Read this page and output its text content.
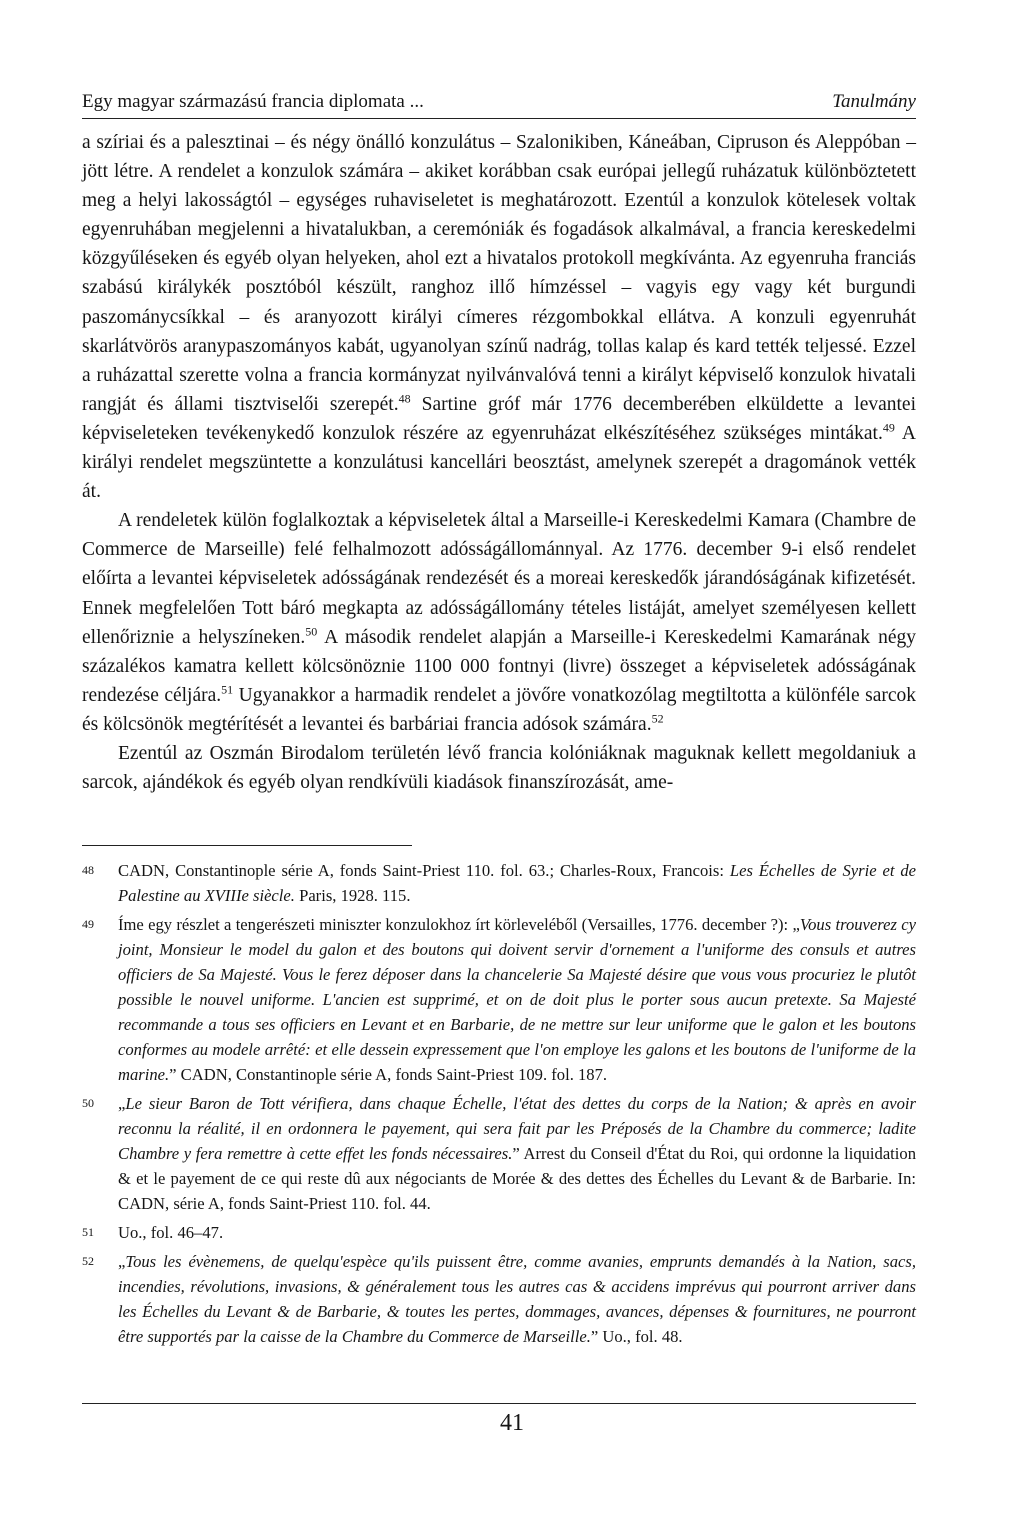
Egy magyar származású francia diplomata ...	Tanulmány

a szíriai és a palesztinai – és négy önálló konzulátus – Szalonikiben, Káneában, Cipruson és Aleppóban – jött létre. A rendelet a konzulok számára – akiket korábban csak európai jellegű ruházatuk különböztetett meg a helyi lakosságtól – egységes ruhaviseletet is meghatározott. Ezentúl a konzulok kötelesek voltak egyenruhában megjelenni a hivatalukban, a ceremóniák és fogadások alkalmával, a francia kereskedelmi közgyűléseken és egyéb olyan helyeken, ahol ezt a hivatalos protokoll megkívánta. Az egyenruha franciás szabású királykék posztóból készült, ranghoz illő hímzéssel – vagyis egy vagy két burgundi paszománycsíkkal – és aranyozott királyi címeres rézgombokkal ellátva. A konzuli egyenruhát skarlátvörös aranypaszományos kabát, ugyanolyan színű nadrág, tollas kalap és kard tették teljessé. Ezzel a ruházattal szerette volna a francia kormányzat nyilvánvalóvá tenni a királyt képviselő konzulok hivatali rangját és állami tisztviselői szerepét.$^{48}$ Sartine gróf már 1776 decemberében elküldette a levantei képviseleteken tevékenykedő konzulok részére az egyenruházat elkészítéséhez szükséges mintákat.$^{49}$ A királyi rendelet megszüntette a konzulátusi kancellári beosztást, amelynek szerepét a dragománok vették át.

A rendeletek külön foglalkoztak a képviseletek által a Marseille-i Kereskedelmi Kamara (Chambre de Commerce de Marseille) felé felhalmozott adósságállománnyal. Az 1776. december 9-i első rendelet előírta a levantei képviseletek adósságának rendezését és a moreai kereskedők járandóságának kifizetését. Ennek megfelelően Tott báró megkapta az adósságállomány tételes listáját, amelyet személyesen kellett ellenőriznie a helyszíneken.$^{50}$ A második rendelet alapján a Marseille-i Kereskedelmi Kamarának négy százalékos kamatra kellett kölcsönöznie 1100 000 fontnyi (livre) összeget a képviseletek adósságának rendezése céljára.$^{51}$ Ugyanakkor a harmadik rendelet a jövőre vonatkozólag megtiltotta a különféle sarcok és kölcsönök megtérítését a levantei és barbáriai francia adósok számára.$^{52}$

Ezentúl az Oszmán Birodalom területén lévő francia kolóniáknak maguknak kellett megoldaniuk a sarcok, ajándékok és egyéb olyan rendkívüli kiadások finanszírozását, ame-

48 CADN, Constantinople série A, fonds Saint-Priest 110. fol. 63.; Charles-Roux, Francois: Les Échelles de Syrie et de Palestine au XVIIIe siècle. Paris, 1928. 115.
49 Íme egy részlet a tengerészeti miniszter konzulokhoz írt körleveléből (Versailles, 1776. december ?): „Vous trouverez cy joint, Monsieur le model du galon et des boutons qui doivent servir d'ornement a l'uniforme des consuls et autres officiers de Sa Majesté. Vous le ferez déposer dans la chancelerie Sa Majesté désire que vous vous procuriez le plutôt possible le nouvel uniforme. L'ancien est supprimé, et on de doit plus le porter sous aucun pretexte. Sa Majesté recommande a tous ses officiers en Levant et en Barbarie, de ne mettre sur leur uniforme que le galon et les boutons conformes au modele arrêté: et elle dessein expressement que l'on employe les galons et les boutons de l'uniforme de la marine.” CADN, Constantinople série A, fonds Saint-Priest 109. fol. 187.
50 „Le sieur Baron de Tott vérifiera, dans chaque Échelle, l'état des dettes du corps de la Nation; & après en avoir reconnu la réalité, il en ordonnera le payement, qui sera fait par les Préposés de la Chambre du commerce; ladite Chambre y fera remettre à cette effet les fonds nécessaires.” Arrest du Conseil d'État du Roi, qui ordonne la liquidation & et le payement de ce qui reste dû aux négociants de Morée & des dettes des Échelles du Levant & de Barbarie. In: CADN, série A, fonds Saint-Priest 110. fol. 44.
51 Uo., fol. 46–47.
52 „Tous les évènemens, de quelqu'espèce qu'ils puissent être, comme avanies, emprunts demandés à la Nation, sacs, incendies, révolutions, invasions, & généralement tous les autres cas & accidens imprévus qui pourront arriver dans les Échelles du Levant & de Barbarie, & toutes les pertes, dommages, avances, dépenses & fournitures, ne pourront être supportés par la caisse de la Chambre du Commerce de Marseille.” Uo., fol. 48.
41
